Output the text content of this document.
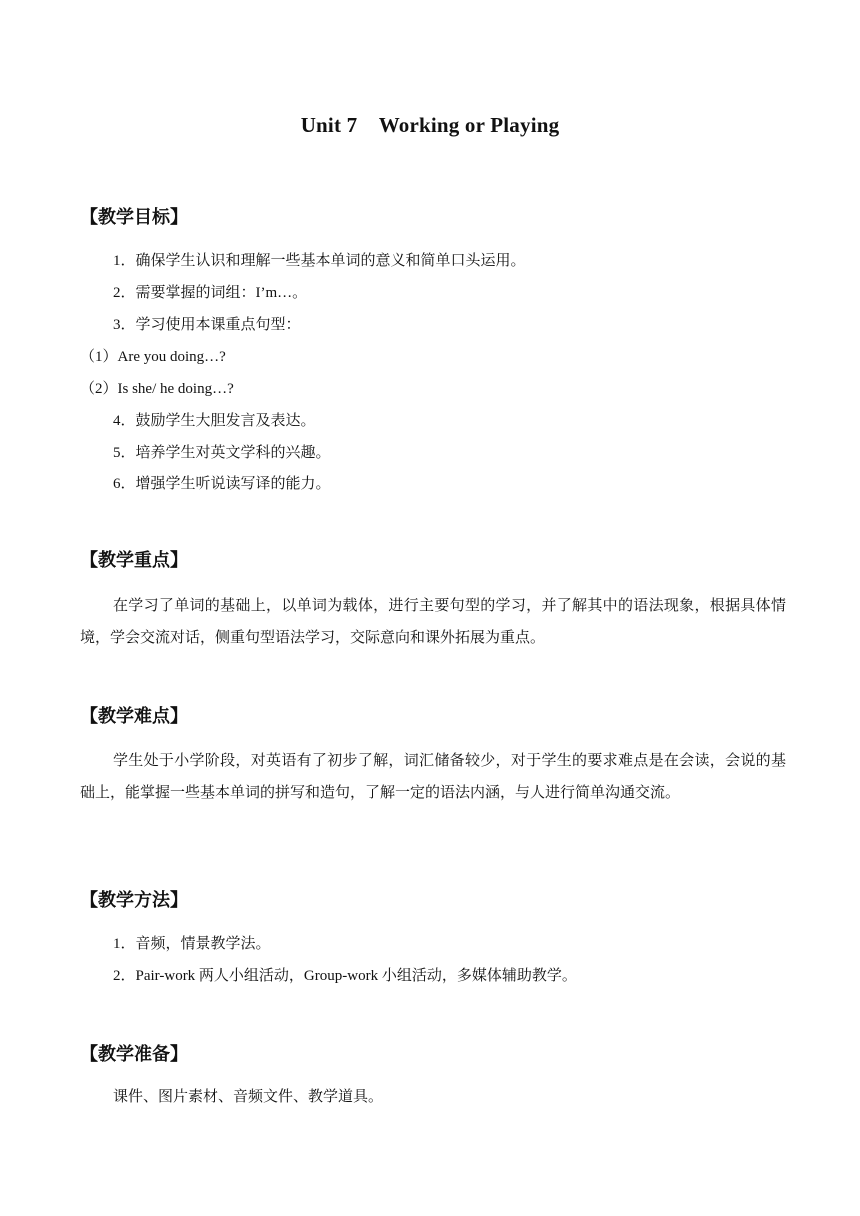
Unit 7    Working or Playing
【教学目标】
1．确保学生认识和理解一些基本单词的意义和简单口头运用。
2．需要掌握的词组：I’m…。
3．学习使用本课重点句型：
（1）Are you doing…?
（2）Is she/ he doing…?
4．鼓励学生大胆发言及表达。
5．培养学生对英文学科的兴趣。
6．增强学生听说读写译的能力。
【教学重点】
在学习了单词的基础上，以单词为载体，进行主要句型的学习，并了解其中的语法现象，根据具体情境，学会交流对话，侧重句型语法学习，交际意向和课外拓展为重点。
【教学难点】
学生处于小学阶段，对英语有了初步了解，词汇储备较少，对于学生的要求难点是在会读，会说的基础上，能掌握一些基本单词的拼写和造句，了解一定的语法内涵，与人进行简单沟通交流。
【教学方法】
1．音频，情景教学法。
2．Pair-work 两人小组活动，Group-work 小组活动，多媒体辅助教学。
【教学准备】
课件、图片素材、音频文件、教学道具。
